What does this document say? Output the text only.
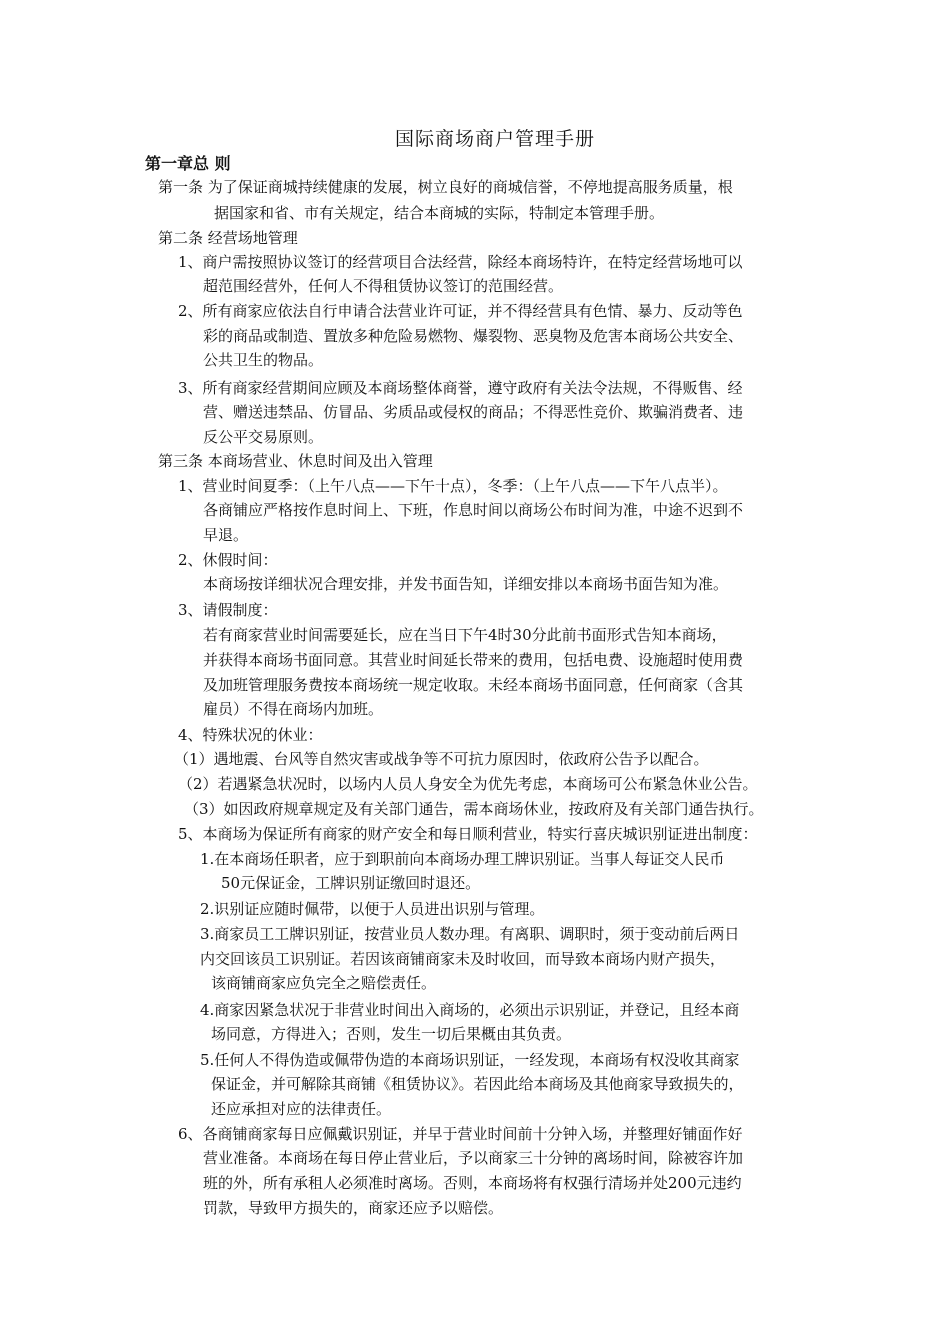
国际商场商户管理手册
第一章总 则
第一条 为了保证商城持续健康的发展，树立良好的商城信誉，不停地提高服务质量，根
据国家和省、市有关规定，结合本商城的实际，特制定本管理手册。
第二条 经营场地管理
1、商户需按照协议签订的经营项目合法经营，除经本商场特许，在特定经营场地可以
超范围经营外，任何人不得租赁协议签订的范围经营。
2、所有商家应依法自行申请合法营业许可证，并不得经营具有色情、暴力、反动等色
彩的商品或制造、置放多种危险易燃物、爆裂物、恶臭物及危害本商场公共安全、
公共卫生的物品。
3、所有商家经营期间应顾及本商场整体商誉，遵守政府有关法令法规，不得贩售、经
营、赠送违禁品、仿冒品、劣质品或侵权的商品；不得恶性竞价、欺骗消费者、违
反公平交易原则。
第三条 本商场营业、休息时间及出入管理
1、营业时间夏季：（上午八点——下午十点），冬季：（上午八点——下午八点半）。
各商铺应严格按作息时间上、下班，作息时间以商场公布时间为准，中途不迟到不
早退。
2、休假时间：
本商场按详细状况合理安排，并发书面告知，详细安排以本商场书面告知为准。
3、请假制度：
若有商家营业时间需要延长，应在当日下午4时30分此前书面形式告知本商场，
并获得本商场书面同意。其营业时间延长带来的费用，包括电费、设施超时使用费
及加班管理服务费按本商场统一规定收取。未经本商场书面同意，任何商家（含其
雇员）不得在商场内加班。
4、特殊状况的休业：
（1）遇地震、台风等自然灾害或战争等不可抗力原因时，依政府公告予以配合。
（2）若遇紧急状况时，以场内人员人身安全为优先考虑，本商场可公布紧急休业公告。
（3）如因政府规章规定及有关部门通告，需本商场休业，按政府及有关部门通告执行。
5、本商场为保证所有商家的财产安全和每日顺利营业，特实行喜庆城识别证进出制度：
1.在本商场任职者，应于到职前向本商场办理工牌识别证。当事人每证交人民币
50元保证金，工牌识别证缴回时退还。
2.识别证应随时佩带，以便于人员进出识别与管理。
3.商家员工工牌识别证，按营业员人数办理。有离职、调职时，须于变动前后两日
内交回该员工识别证。若因该商铺商家未及时收回，而导致本商场内财产损失，
该商铺商家应负完全之赔偿责任。
4.商家因紧急状况于非营业时间出入商场的，必须出示识别证，并登记，且经本商
场同意，方得进入；否则，发生一切后果概由其负责。
5.任何人不得伪造或佩带伪造的本商场识别证，一经发现，本商场有权没收其商家
保证金，并可解除其商铺《租赁协议》。若因此给本商场及其他商家导致损失的，
还应承担对应的法律责任。
6、各商铺商家每日应佩戴识别证，并早于营业时间前十分钟入场，并整理好铺面作好
营业准备。本商场在每日停止营业后，予以商家三十分钟的离场时间，除被容许加
班的外，所有承租人必须准时离场。否则，本商场将有权强行清场并处200元违约
罚款，导致甲方损失的，商家还应予以赔偿。
